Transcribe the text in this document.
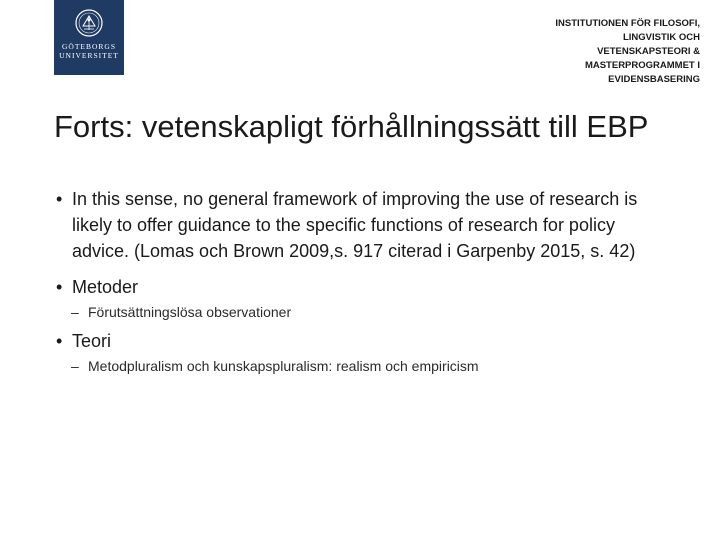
GÖTEBORGS
UNIVERSITET
INSTITUTIONEN FÖR FILOSOFI,
LINGVISTIK OCH
VETENSKAPSTEORI &
MASTERPROGRAMMET I
EVIDENSBASERING
Forts: vetenskapligt förhållningssätt till EBP
• In this sense, no general framework of improving the use of research is likely to offer guidance to the specific functions of research for policy advice. (Lomas och Brown 2009,s. 917 citerad i Garpenby 2015, s. 42)
• Metoder
– Förutsättningslösa observationer
• Teori
– Metodpluralism och kunskapspluralism: realism och empiricism
